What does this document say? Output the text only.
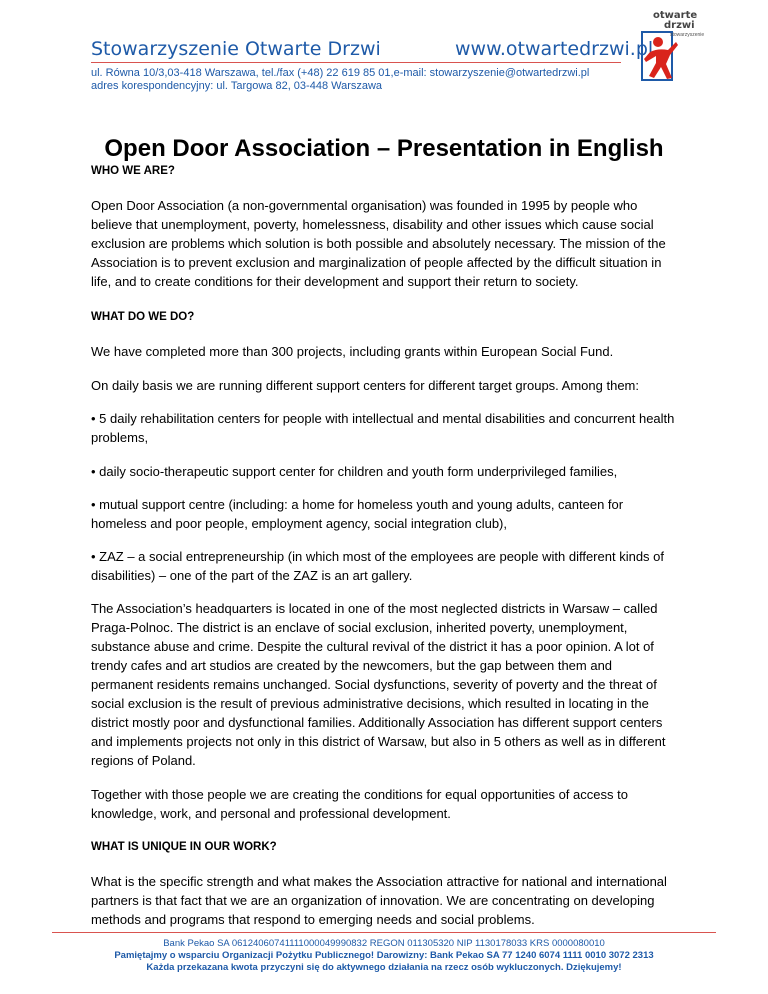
Stowarzyszenie Otwarte Drzwi	www.otwartedrzwi.pl
ul. Równa 10/3,03-418 Warszawa, tel./fax (+48) 22 619 85 01,e-mail: stowarzyszenie@otwartedrzwi.pl
adres korespondencyjny: ul. Targowa 82, 03-448 Warszawa
otwarte
drzwi
stowarzyszenie
Open Door Association – Presentation in English
WHO WE ARE?

Open Door Association (a non-governmental organisation) was founded in 1995 by people who believe that unemployment, poverty, homelessness, disability and other issues which cause social exclusion are problems which solution is both possible and absolutely necessary. The mission of the Association is to prevent exclusion and marginalization of people affected by the difficult situation in life, and to create conditions for their development and support their return to society.

WHAT DO WE DO?

We have completed more than 300 projects, including grants within European Social Fund.

On daily basis we are running different support centers for different target groups. Among them:

• 5 daily rehabilitation centers for people with intellectual and mental disabilities and concurrent health problems,

• daily socio-therapeutic support center for children and youth form underprivileged families,

• mutual support centre (including: a home for homeless youth and young adults, canteen for homeless and poor people, employment agency, social integration club),

• ZAZ – a social entrepreneurship (in which most of the employees are people with different kinds of disabilities) – one of the part of the ZAZ is an art gallery.

The Association’s headquarters is located in one of the most neglected districts in Warsaw – called Praga-Polnoc. The district is an enclave of social exclusion, inherited poverty, unemployment, substance abuse and crime. Despite the cultural revival of the district it has a poor opinion. A lot of trendy cafes and art studios are created by the newcomers, but the gap between them and permanent residents remains unchanged. Social dysfunctions, severity of poverty and the threat of social exclusion is the result of previous administrative decisions, which resulted in locating in the district mostly poor and dysfunctional families. Additionally Association has different support centers and implements projects not only in this district of Warsaw, but also in 5 others as well as in different regions of Poland.

Together with those people we are creating the conditions for equal opportunities of access to knowledge, work, and personal and professional development.

WHAT IS UNIQUE IN OUR WORK?

What is the specific strength and what makes the Association attractive for national and international partners is that fact that we are an organization of innovation. We are concentrating on developing methods and programs that respond to emerging needs and social problems.

Bank Pekao SA 06124060741111000049990832 REGON 011305320 NIP 1130178033 KRS 0000080010
Pamiętajmy o wsparciu Organizacji Pożytku Publicznego! Darowizny: Bank Pekao SA 77 1240 6074 1111 0010 3072 2313
Każda przekazana kwota przyczyni się do aktywnego działania na rzecz osób wykluczonych. Dziękujemy!
